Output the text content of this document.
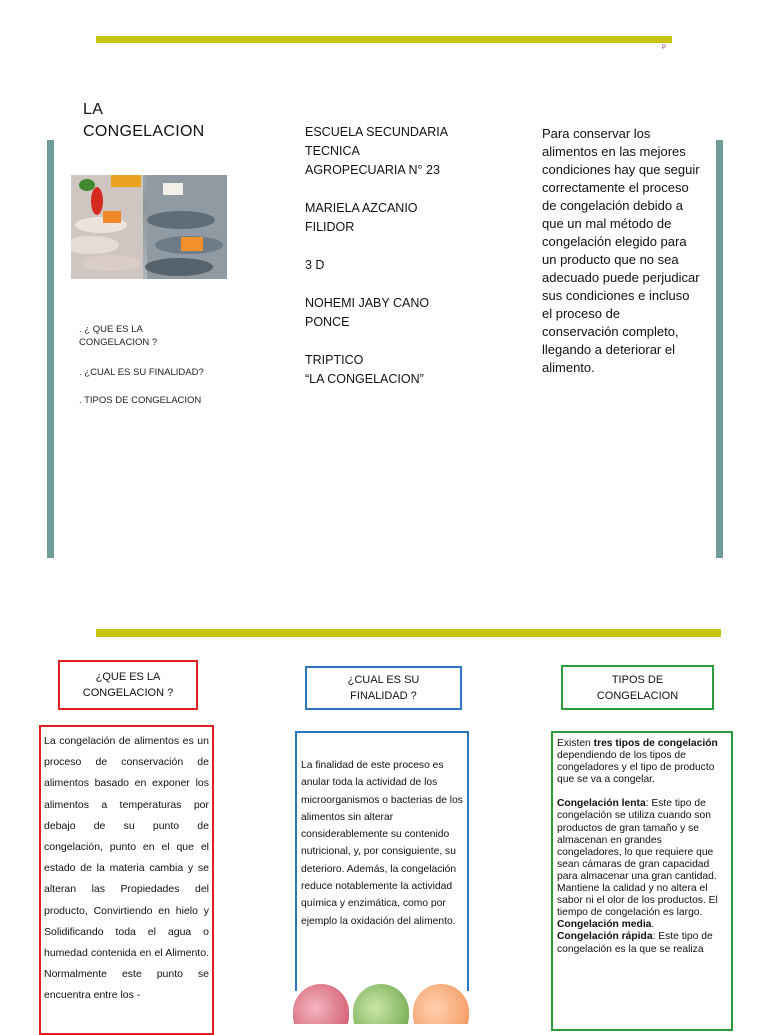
P
LA
CONGELACION
. ¿ QUE ES LA CONGELACION ?
. ¿CUAL ES SU FINALIDAD?
. TIPOS DE CONGELACION

ESCUELA SECUNDARIA

TECNICA

AGROPECUARIA N° 23

MARIELA AZCANIO

FILIDOR

3 D

NOHEMI JABY CANO

PONCE

TRIPTICO

“LA CONGELACION”

Para conservar los alimentos en las mejores condiciones hay que seguir correctamente el proceso de congelación debido a que un mal método de congelación elegido para un producto que no sea adecuado puede perjudicar sus condiciones e incluso el proceso de conservación completo, llegando a deteriorar el alimento.
¿QUE ES LA CONGELACION ?
¿CUAL ES SU FINALIDAD ?
TIPOS DE CONGELACION
La congelación de alimentos es un proceso de conservación de alimentos basado en exponer los alimentos a temperaturas por debajo de su punto de congelación, punto en el que el estado de la materia cambia y se alteran las Propiedades del producto, Convirtiendo en hielo y Solidificando toda el agua o humedad contenida en el Alimento. Normalmente este punto se encuentra entre los -
La finalidad de este proceso es anular toda la actividad de los microorganismos o bacterias de los alimentos sin alterar considerablemente su contenido nutricional, y, por consiguiente, su deterioro. Además, la congelación reduce notablemente la actividad química y enzimática, como por ejemplo la oxidación del alimento.

Existen tres tipos de congelación dependiendo de los tipos de congeladores y el tipo de producto que se va a congelar.

Congelación lenta: Este tipo de congelación se utiliza cuando son productos de gran tamaño y se almacenan en grandes congeladores, lo que requiere que sean cámaras de gran capacidad para almacenar una gran cantidad. Mantiene la calidad y no altera el sabor ni el olor de los productos. El tiempo de congelación es largo.

Congelación media.

Congelación rápida: Este tipo de congelación es la que se realiza
